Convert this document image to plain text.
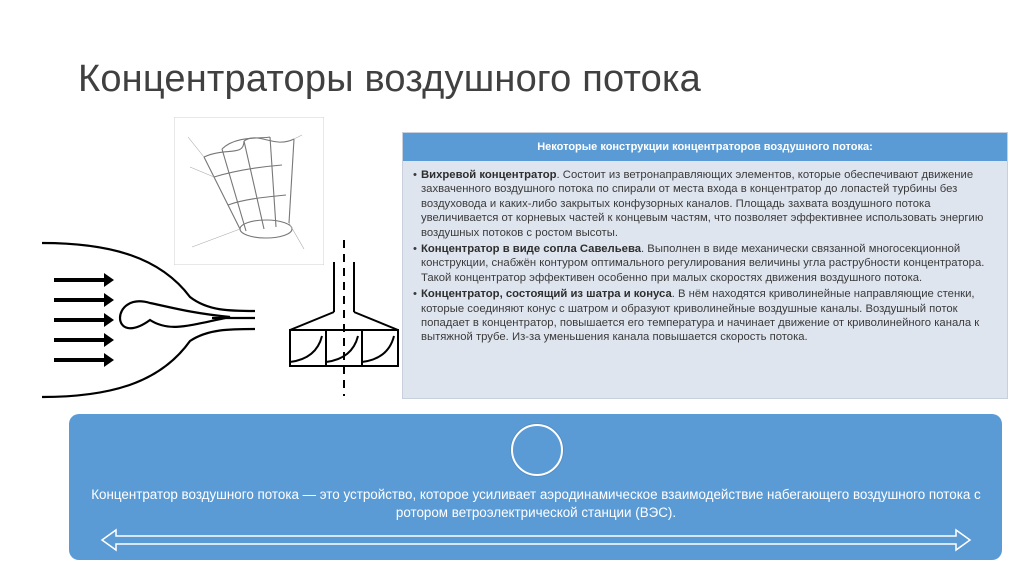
Концентраторы воздушного потока
Некоторые конструкции концентраторов воздушного потока:
• Вихревой концентратор. Состоит из ветронаправляющих элементов, которые обеспечивают движение захваченного воздушного потока по спирали от места входа в концентратор до лопастей турбины без воздуховода и каких-либо закрытых конфузорных каналов. Площадь захвата воздушного потока увеличивается от корневых частей к концевым частям, что позволяет эффективнее использовать энергию воздушных потоков с ростом высоты.
• Концентратор в виде сопла Савельева. Выполнен в виде механически связанной многосекционной конструкции, снабжён контуром оптимального регулирования величины угла раструбности концентратора. Такой концентратор эффективен особенно при малых скоростях движения воздушного потока.
• Концентратор, состоящий из шатра и конуса. В нём находятся криволинейные направляющие стенки, которые соединяют конус с шатром и образуют криволинейные воздушные каналы. Воздушный поток попадает в концентратор, повышается его температура и начинает движение от криволинейного канала к вытяжной трубе. Из-за уменьшения канала повышается скорость потока.
Концентратор воздушного потока — это устройство, которое усиливает аэродинамическое взаимодействие набегающего воздушного потока с ротором ветроэлектрической станции (ВЭС).
